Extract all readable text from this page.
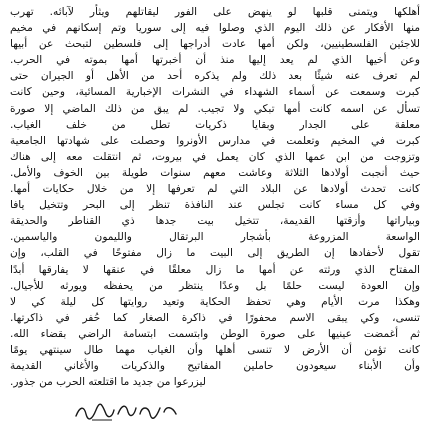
أهلكها ويتمنى قلبها لو ينهض على الفور ليقاتلهم ويثأر لآبائه. تهرب
منها الأفكار عن ذلك اليوم الذي وصلوا فيه إلى سوريا وتم إسكانهم في مخيم
للاجئين الفلسطينيين، ولكن أمها عادت أدراجها إلى فلسطين لتبحث عن أبيها
وعن أخيها الذي لم يعد إليها منذ أن أخبرتها أمها بموته في الحرب.
لم تعرف عنه شيئًا بعد ذلك ولم يذكره أحد من الأهل أو الجيران حتى
كبرت وسمعت عن أسماء الشهداء في النشرات الإخبارية المسائية، وحين كانت
تسأل عن اسمه كانت أمها تبكي ولا تجيب. لم يبق من ذلك الماضي إلا صورة
معلقة على الجدار وبقايا ذكريات تطل من خلف الغياب.
كبرت في المخيم وتعلمت في مدارس الأونروا وحصلت على شهادتها الجامعية
وتزوجت من ابن عمها الذي كان يعمل في بيروت، ثم انتقلت معه إلى هناك
حيث أنجبت أولادها الثلاثة وعاشت معهم سنوات طويلة بين الخوف والأمل.
كانت تحدث أولادها عن البلاد التي لم تعرفها إلا من خلال حكايات أمها.
وفي كل مساء كانت تجلس عند النافذة تنظر إلى البحر وتتخيل يافا
وبياراتها وأزقتها القديمة، تتخيل بيت جدها ذي القناطر والحديقة
الواسعة المزروعة بأشجار البرتقال والليمون والياسمين.
تقول لأحفادها إن الطريق إلى البيت ما زال مفتوحًا في القلب، وإن
المفتاح الذي ورثته عن أمها ما زال معلقًا في عنقها لا يفارقها أبدًا
وإن العودة ليست حلمًا بل وعدًا ينتظر من يحفظه ويورثه للأجيال.
وهكذا مرت الأيام وهي تحفظ الحكاية وتعيد روايتها كل ليلة كي لا
تنسى، وكي يبقى الاسم محفورًا في ذاكرة الصغار كما حُفر في ذاكرتها.
ثم أغمضت عينيها على صورة الوطن وابتسمت ابتسامة الراضي بقضاء الله.
كانت تؤمن أن الأرض لا تنسى أهلها وأن الغياب مهما طال سينتهي يومًا
وأن الأبناء سيعودون حاملين المفاتيح والذكريات والأغاني القديمة
ليزرعوا من جديد ما اقتلعته الحرب من جذور.
